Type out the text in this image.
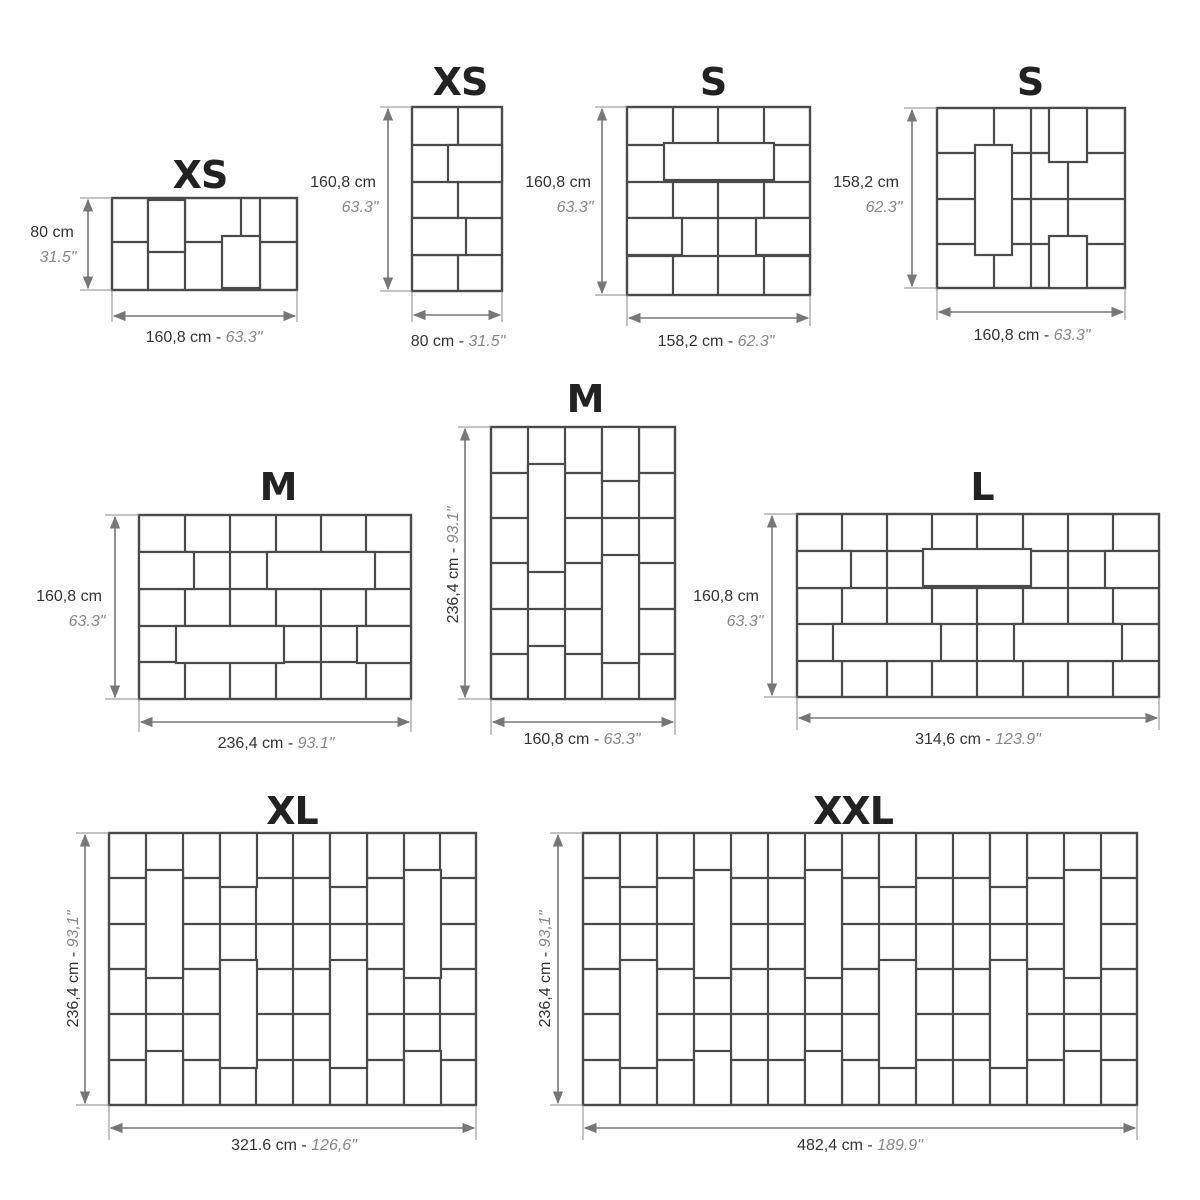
XS
80 cm
31.5"
160,8 cm - 63.3"
XS
160,8 cm
63.3"
80 cm - 31.5"
S
160,8 cm
63.3"
158,2 cm - 62.3"
S
158,2 cm
62.3"
160,8 cm - 63.3"
M
160,8 cm
63.3"
236,4 cm - 93.1"
M
236,4 cm - 93.1"
160,8 cm - 63.3"
L
160,8 cm
63.3"
314,6 cm - 123.9"
XL
236,4 cm - 93,1"
321.6 cm - 126,6"
XXL
236,4 cm - 93,1"
482,4 cm - 189.9"
